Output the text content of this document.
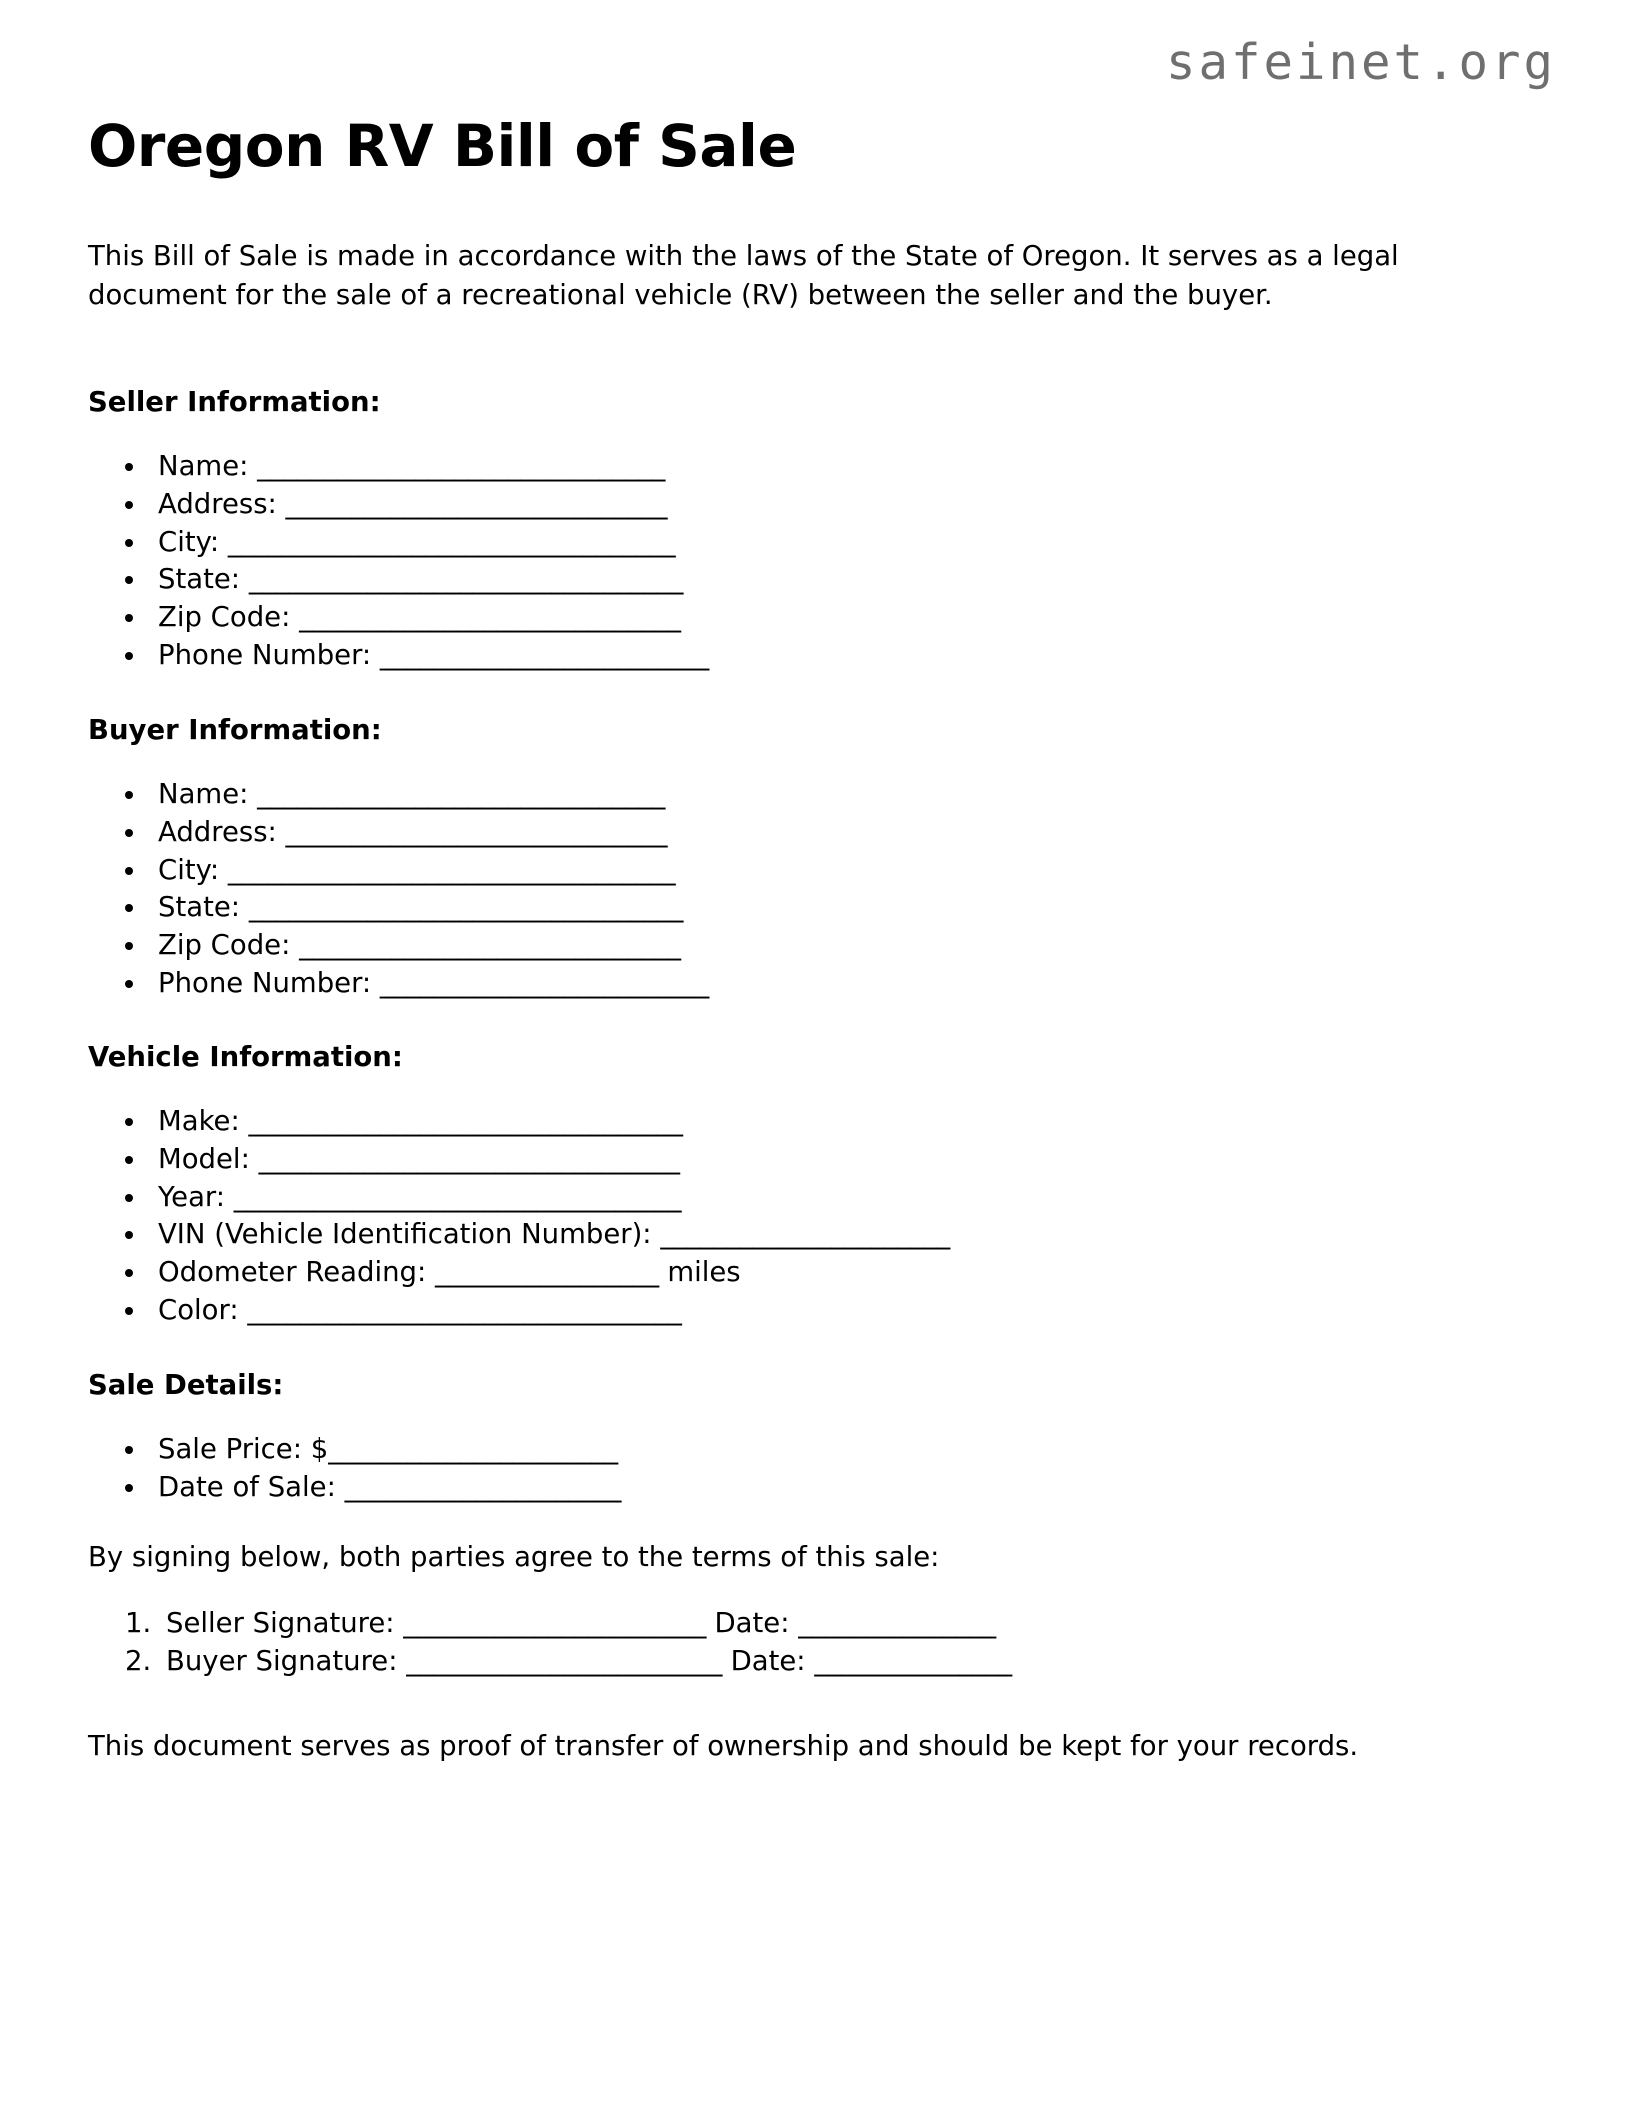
safeinet.org
Oregon RV Bill of Sale

This Bill of Sale is made in accordance with the laws of the State of Oregon. It serves as a legal document for the sale of a recreational vehicle (RV) between the seller and the buyer.

Seller Information:
• Name: _______________________________
• Address: _____________________________
• City: __________________________________
• State: _________________________________
• Zip Code: _____________________________
• Phone Number: _________________________
Buyer Information:
• Name: _______________________________
• Address: _____________________________
• City: __________________________________
• State: _________________________________
• Zip Code: _____________________________
• Phone Number: _________________________
Vehicle Information:
• Make: _________________________________
• Model: ________________________________
• Year: __________________________________
• VIN (Vehicle Identification Number): ______________________
• Odometer Reading: _________________ miles
• Color: _________________________________
Sale Details:
• Sale Price: $______________________
• Date of Sale: _____________________

By signing below, both parties agree to the terms of this sale:

1. Seller Signature: _______________________ Date: _______________
2. Buyer Signature: ________________________ Date: _______________

This document serves as proof of transfer of ownership and should be kept for your records.
